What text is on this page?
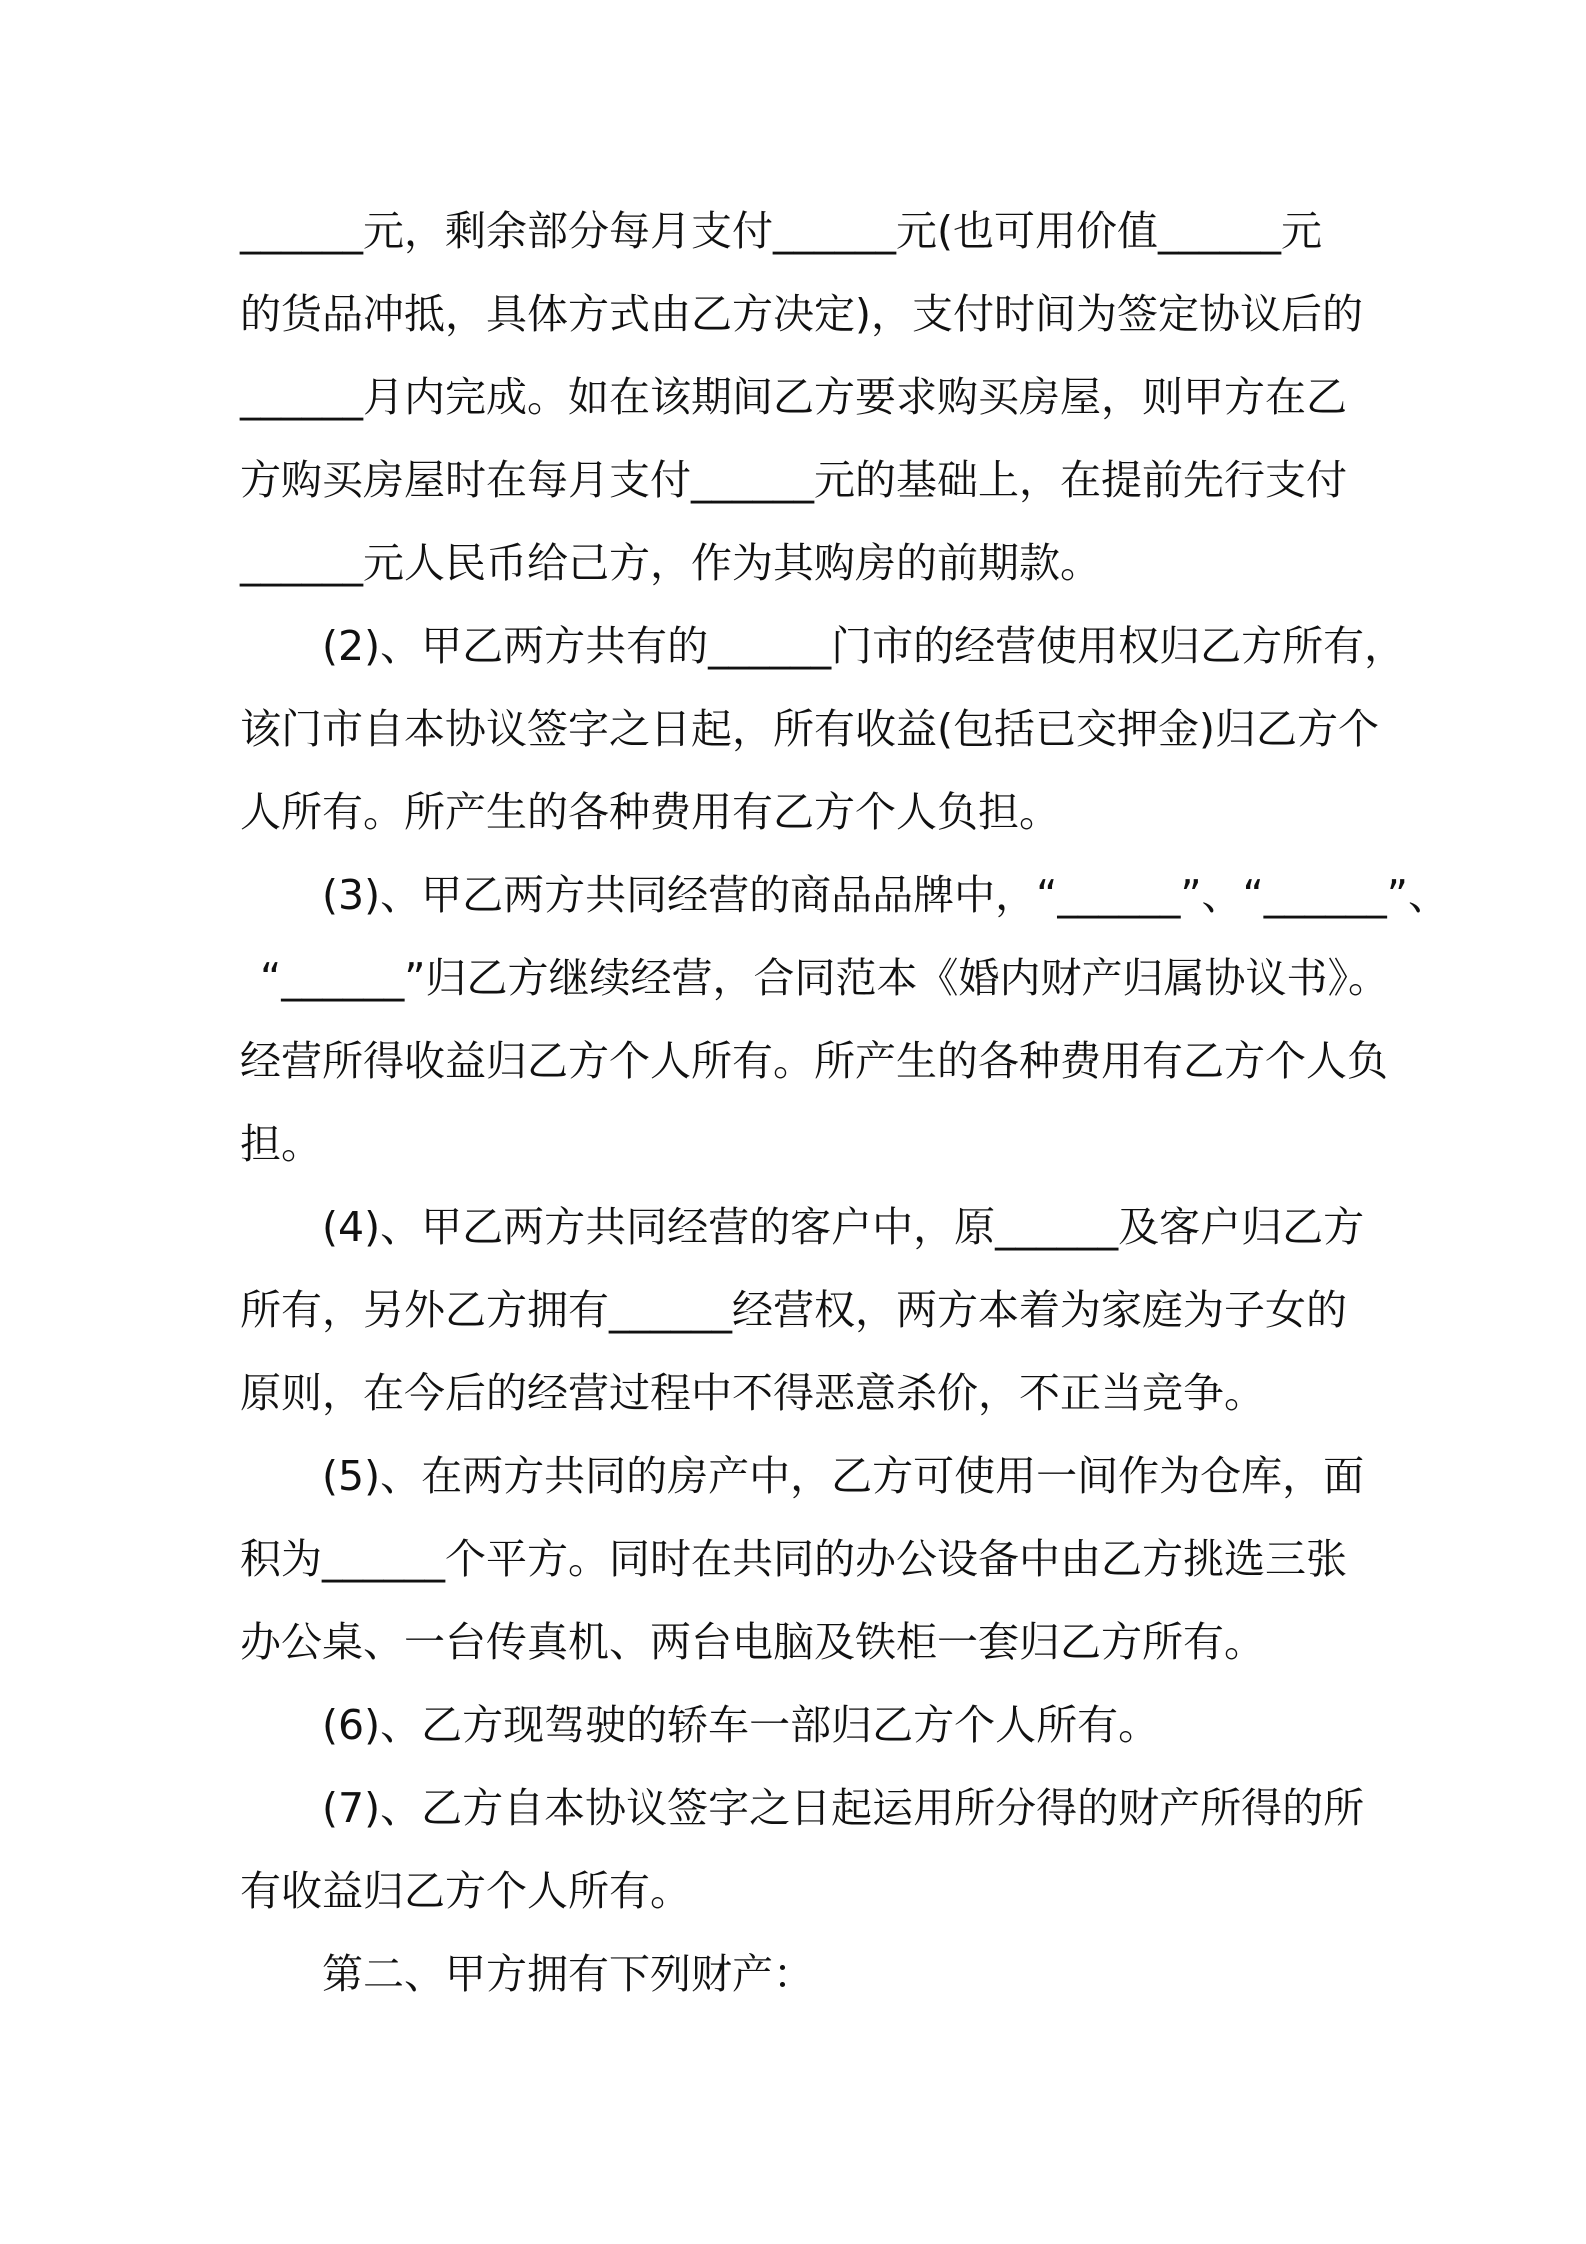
______元，剩余部分每月支付______元(也可用价值______元
的货品冲抵，具体方式由乙方决定)，支付时间为签定协议后的
______月内完成。如在该期间乙方要求购买房屋，则甲方在乙
方购买房屋时在每月支付______元的基础上，在提前先行支付
______元人民币给己方，作为其购房的前期款。
(2)、甲乙两方共有的______门市的经营使用权归乙方所有，
该门市自本协议签字之日起，所有收益(包括已交押金)归乙方个
人所有。所产生的各种费用有乙方个人负担。
(3)、甲乙两方共同经营的商品品牌中，“______”、“______”、
“______”归乙方继续经营，合同范本《婚内财产归属协议书》。
经营所得收益归乙方个人所有。所产生的各种费用有乙方个人负
担。
(4)、甲乙两方共同经营的客户中，原______及客户归乙方
所有，另外乙方拥有______经营权，两方本着为家庭为子女的
原则，在今后的经营过程中不得恶意杀价，不正当竞争。
(5)、在两方共同的房产中，乙方可使用一间作为仓库，面
积为______个平方。同时在共同的办公设备中由乙方挑选三张
办公桌、一台传真机、两台电脑及铁柜一套归乙方所有。
(6)、乙方现驾驶的轿车一部归乙方个人所有。
(7)、乙方自本协议签字之日起运用所分得的财产所得的所
有收益归乙方个人所有。
第二、甲方拥有下列财产：
